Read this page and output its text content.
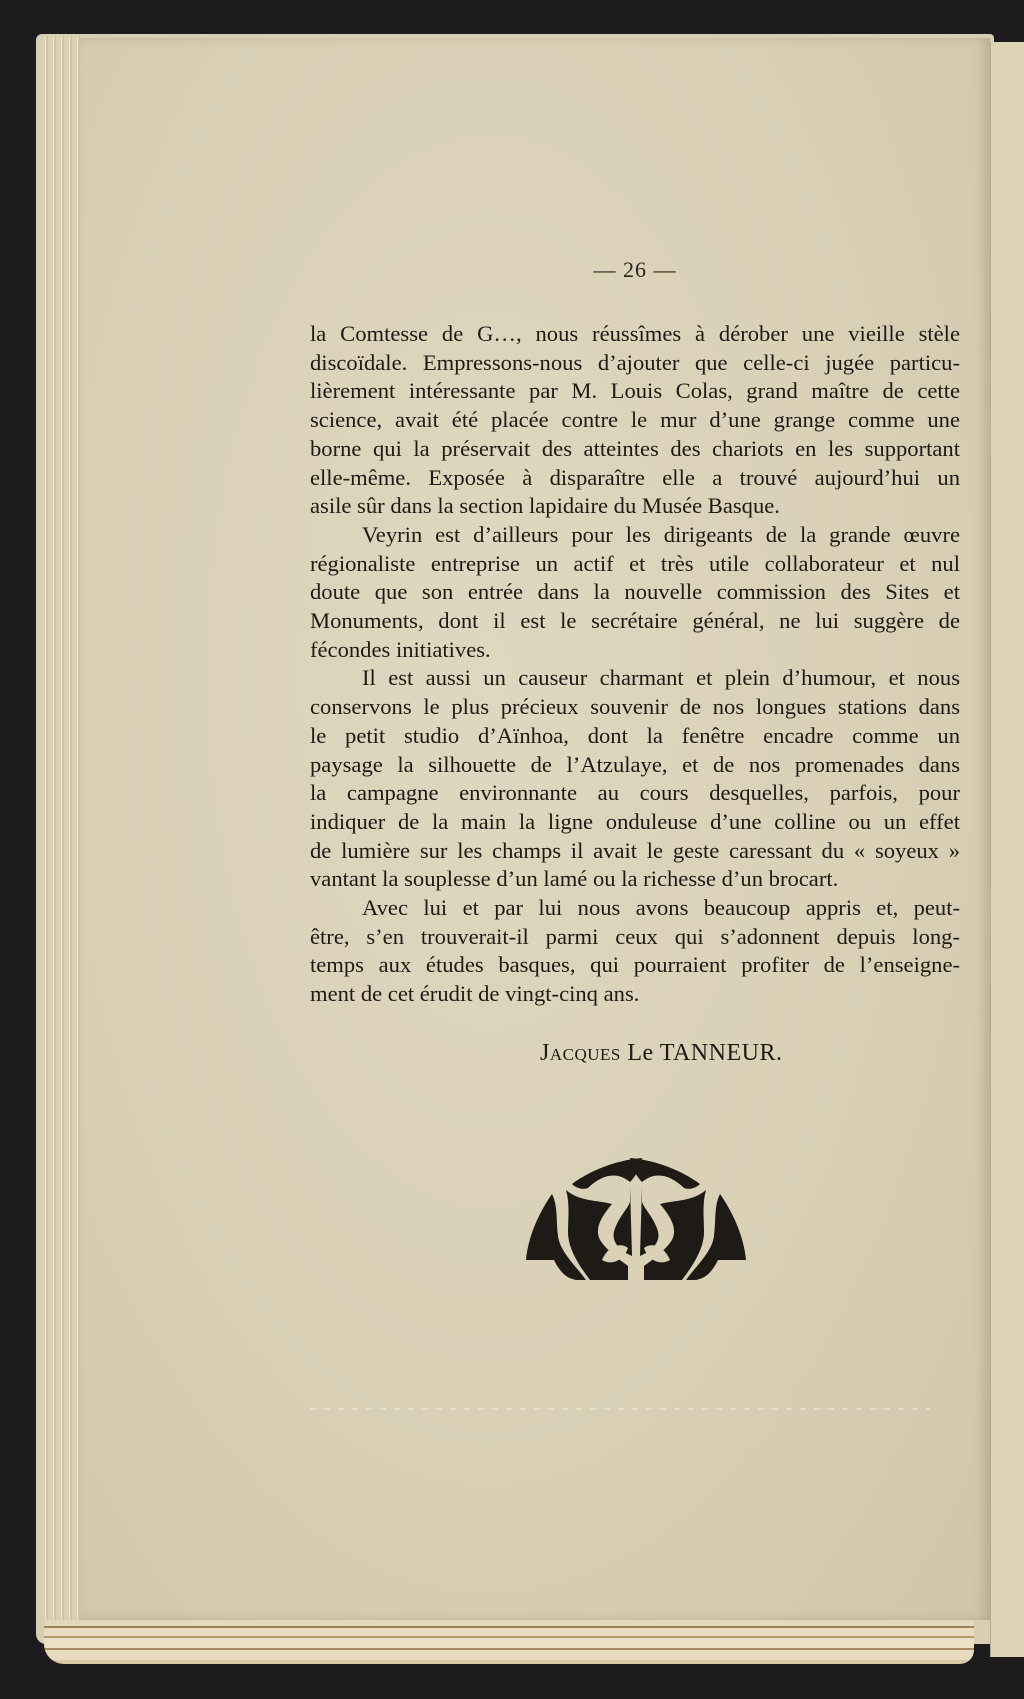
— 26 —
la Comtesse de G…, nous réussîmes à dérober une vieille stèle
discoïdale. Empressons-nous d’ajouter que celle-ci jugée particu-
lièrement intéressante par M. Louis Colas, grand maître de cette
science, avait été placée contre le mur d’une grange comme une
borne qui la préservait des atteintes des chariots en les supportant
elle-même. Exposée à disparaître elle a trouvé aujourd’hui un
asile sûr dans la section lapidaire du Musée Basque.
Veyrin est d’ailleurs pour les dirigeants de la grande œuvre
régionaliste entreprise un actif et très utile collaborateur et nul
doute que son entrée dans la nouvelle commission des Sites et
Monuments, dont il est le secrétaire général, ne lui suggère de
fécondes initiatives.
Il est aussi un causeur charmant et plein d’humour, et nous
conservons le plus précieux souvenir de nos longues stations dans
le petit studio d’Aïnhoa, dont la fenêtre encadre comme un
paysage la silhouette de l’Atzulaye, et de nos promenades dans
la campagne environnante au cours desquelles, parfois, pour
indiquer de la main la ligne onduleuse d’une colline ou un effet
de lumière sur les champs il avait le geste caressant du « soyeux »
vantant la souplesse d’un lamé ou la richesse d’un brocart.
Avec lui et par lui nous avons beaucoup appris et, peut-
être, s’en trouverait-il parmi ceux qui s’adonnent depuis long-
temps aux études basques, qui pourraient profiter de l’enseigne-
ment de cet érudit de vingt-cinq ans.
Jacques Le TANNEUR.
